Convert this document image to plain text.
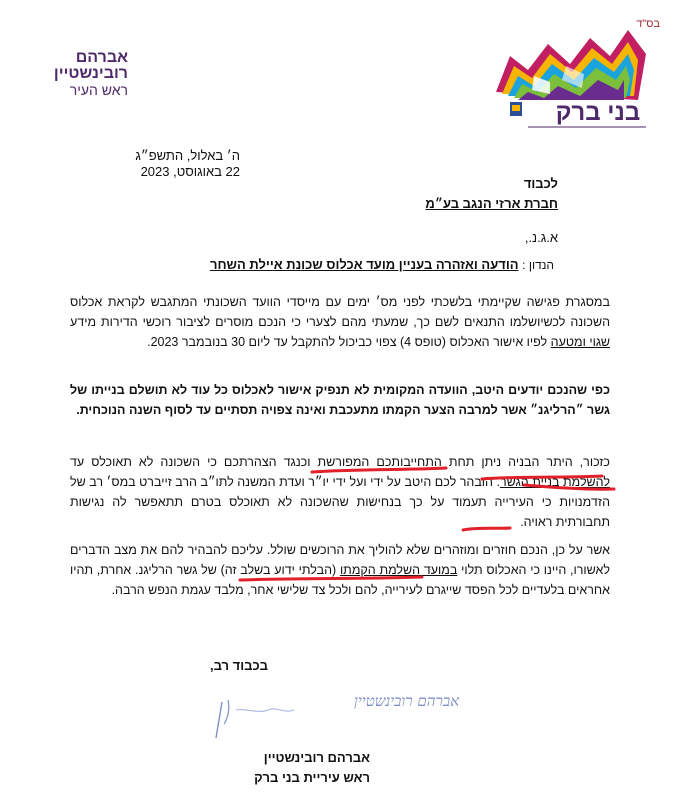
בס"ד
אברהם
רובינשטיין
ראש העיר
בני ברק
ה׳ באלול, התשפ״ג
22 באוגוסט, 2023
לכבוד
חברת ארזי הנגב בע״מ
א.ג.נ.,
הנדון : הודעה ואזהרה בעניין מועד אכלוס שכונת איילת השחר
במסגרת פגישה שקיימתי בלשכתי לפני מס׳ ימים עם מייסדי הוועד השכונתי המתגבש לקראת אכלוס השכונה לכשיושלמו התנאים לשם כך, שמעתי מהם לצערי כי הנכם מוסרים לציבור רוכשי הדירות מידע שגוי ומטעה לפיו אישור האכלוס (טופס 4) צפוי כביכול להתקבל עד ליום 30 בנובמבר 2023.
כפי שהנכם יודעים היטב, הוועדה המקומית לא תנפיק אישור לאכלוס כל עוד לא תושלם בנייתו של גשר ״הרליגנ״ אשר למרבה הצער הקמתו מתעכבת ואינה צפויה תסתיים עד לסוף השנה הנוכחית.
כזכור, היתר הבניה ניתן תחת התחייבותכם המפורשת וכנגד הצהרתכם כי השכונה לא תאוכלס עד להשלמת בניית הגשר. הובהר לכם היטב על ידי ועל ידי יו״ר ועדת המשנה לתו״ב הרב זייברט במס׳ רב של הזדמנויות כי העירייה תעמוד על כך בנחישות שהשכונה לא תאוכלס בטרם תתאפשר לה נגישות תחבורתית ראויה.
אשר על כן, הנכם חוזרים ומוזהרים שלא להוליך את הרוכשים שולל. עליכם להבהיר להם את מצב הדברים לאשורו, היינו כי האכלוס תלוי במועד השלמת הקמתו (הבלתי ידוע בשלב זה) של גשר הרליגנ. אחרת, תהיו אחראים בלעדיים לכל הפסד שייגרם לעירייה, להם ולכל צד שלישי אחר, מלבד עגמת הנפש הרבה.
בכבוד רב,
אברהם רובינשטיין
אברהם רובינשטיין
ראש עיריית בני ברק
